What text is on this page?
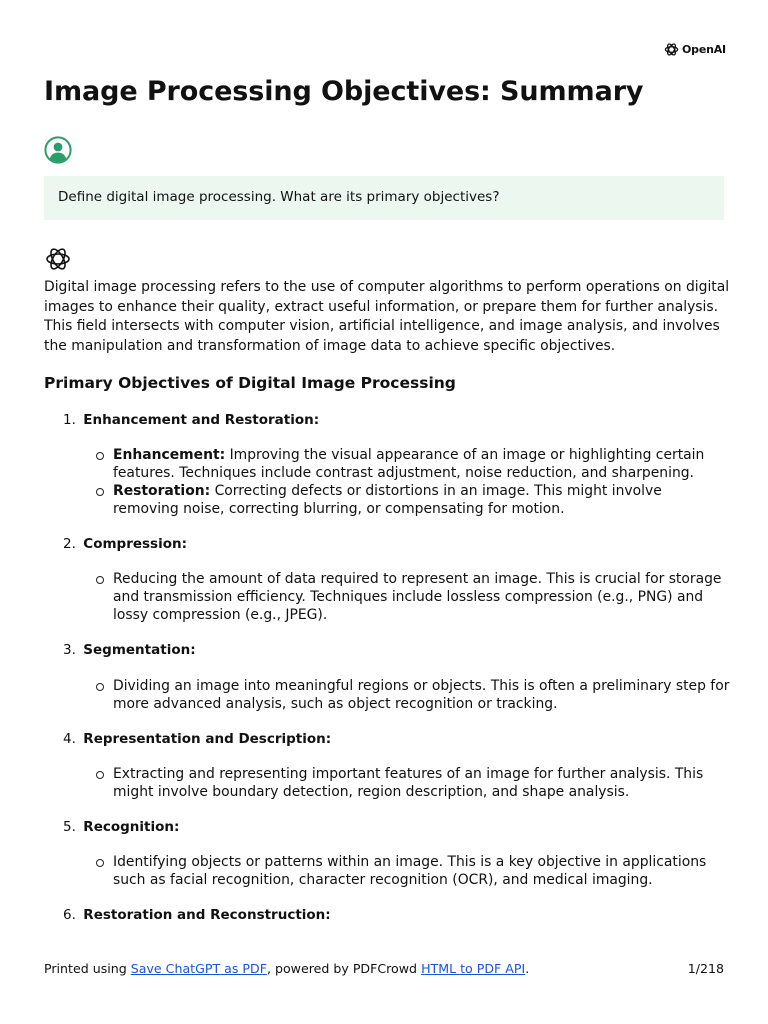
OpenAI
Image Processing Objectives: Summary
Define digital image processing. What are its primary objectives?

Digital image processing refers to the use of computer algorithms to perform operations on digital images to enhance their quality, extract useful information, or prepare them for further analysis. This field intersects with computer vision, artificial intelligence, and image analysis, and involves the manipulation and transformation of image data to achieve specific objectives.

Primary Objectives of Digital Image Processing
1. Enhancement and Restoration:
Enhancement: Improving the visual appearance of an image or highlighting certain features. Techniques include contrast adjustment, noise reduction, and sharpening.
Restoration: Correcting defects or distortions in an image. This might involve removing noise, correcting blurring, or compensating for motion.
2. Compression:
Reducing the amount of data required to represent an image. This is crucial for storage and transmission efficiency. Techniques include lossless compression (e.g., PNG) and lossy compression (e.g., JPEG).
3. Segmentation:
Dividing an image into meaningful regions or objects. This is often a preliminary step for more advanced analysis, such as object recognition or tracking.
4. Representation and Description:
Extracting and representing important features of an image for further analysis. This might involve boundary detection, region description, and shape analysis.
5. Recognition:
Identifying objects or patterns within an image. This is a key objective in applications such as facial recognition, character recognition (OCR), and medical imaging.
6. Restoration and Reconstruction:
Printed using Save ChatGPT as PDF, powered by PDFCrowd HTML to PDF API.	1/218
